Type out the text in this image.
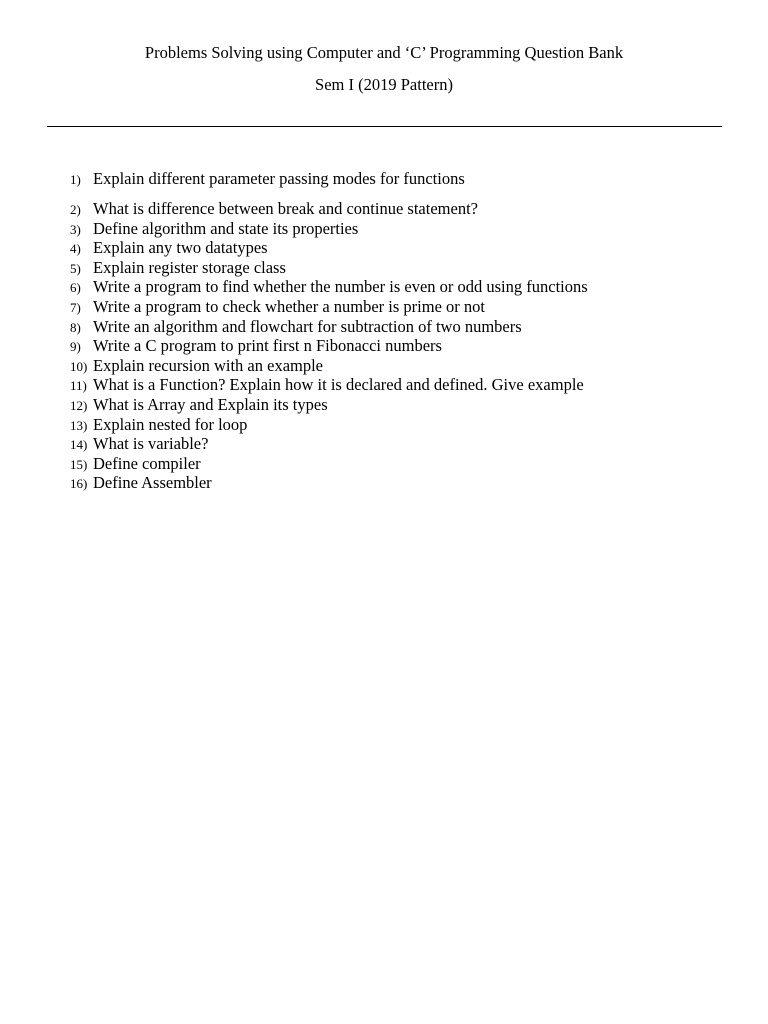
Problems Solving using Computer and ‘C’ Programming Question Bank
Sem I (2019 Pattern)
1) Explain different parameter passing modes for functions
2) What is difference between break and continue statement?
3) Define algorithm and state its properties
4) Explain any two datatypes
5) Explain register storage class
6) Write a program to find whether the number is even or odd using functions
7) Write a program to check whether a number is prime or not
8) Write an algorithm and flowchart for subtraction of two numbers
9) Write a C program to print first n Fibonacci numbers
10) Explain recursion with an example
11) What is a Function? Explain how it is declared and defined. Give example
12) What is Array and Explain its types
13) Explain nested for loop
14) What is variable?
15) Define compiler
16) Define Assembler
